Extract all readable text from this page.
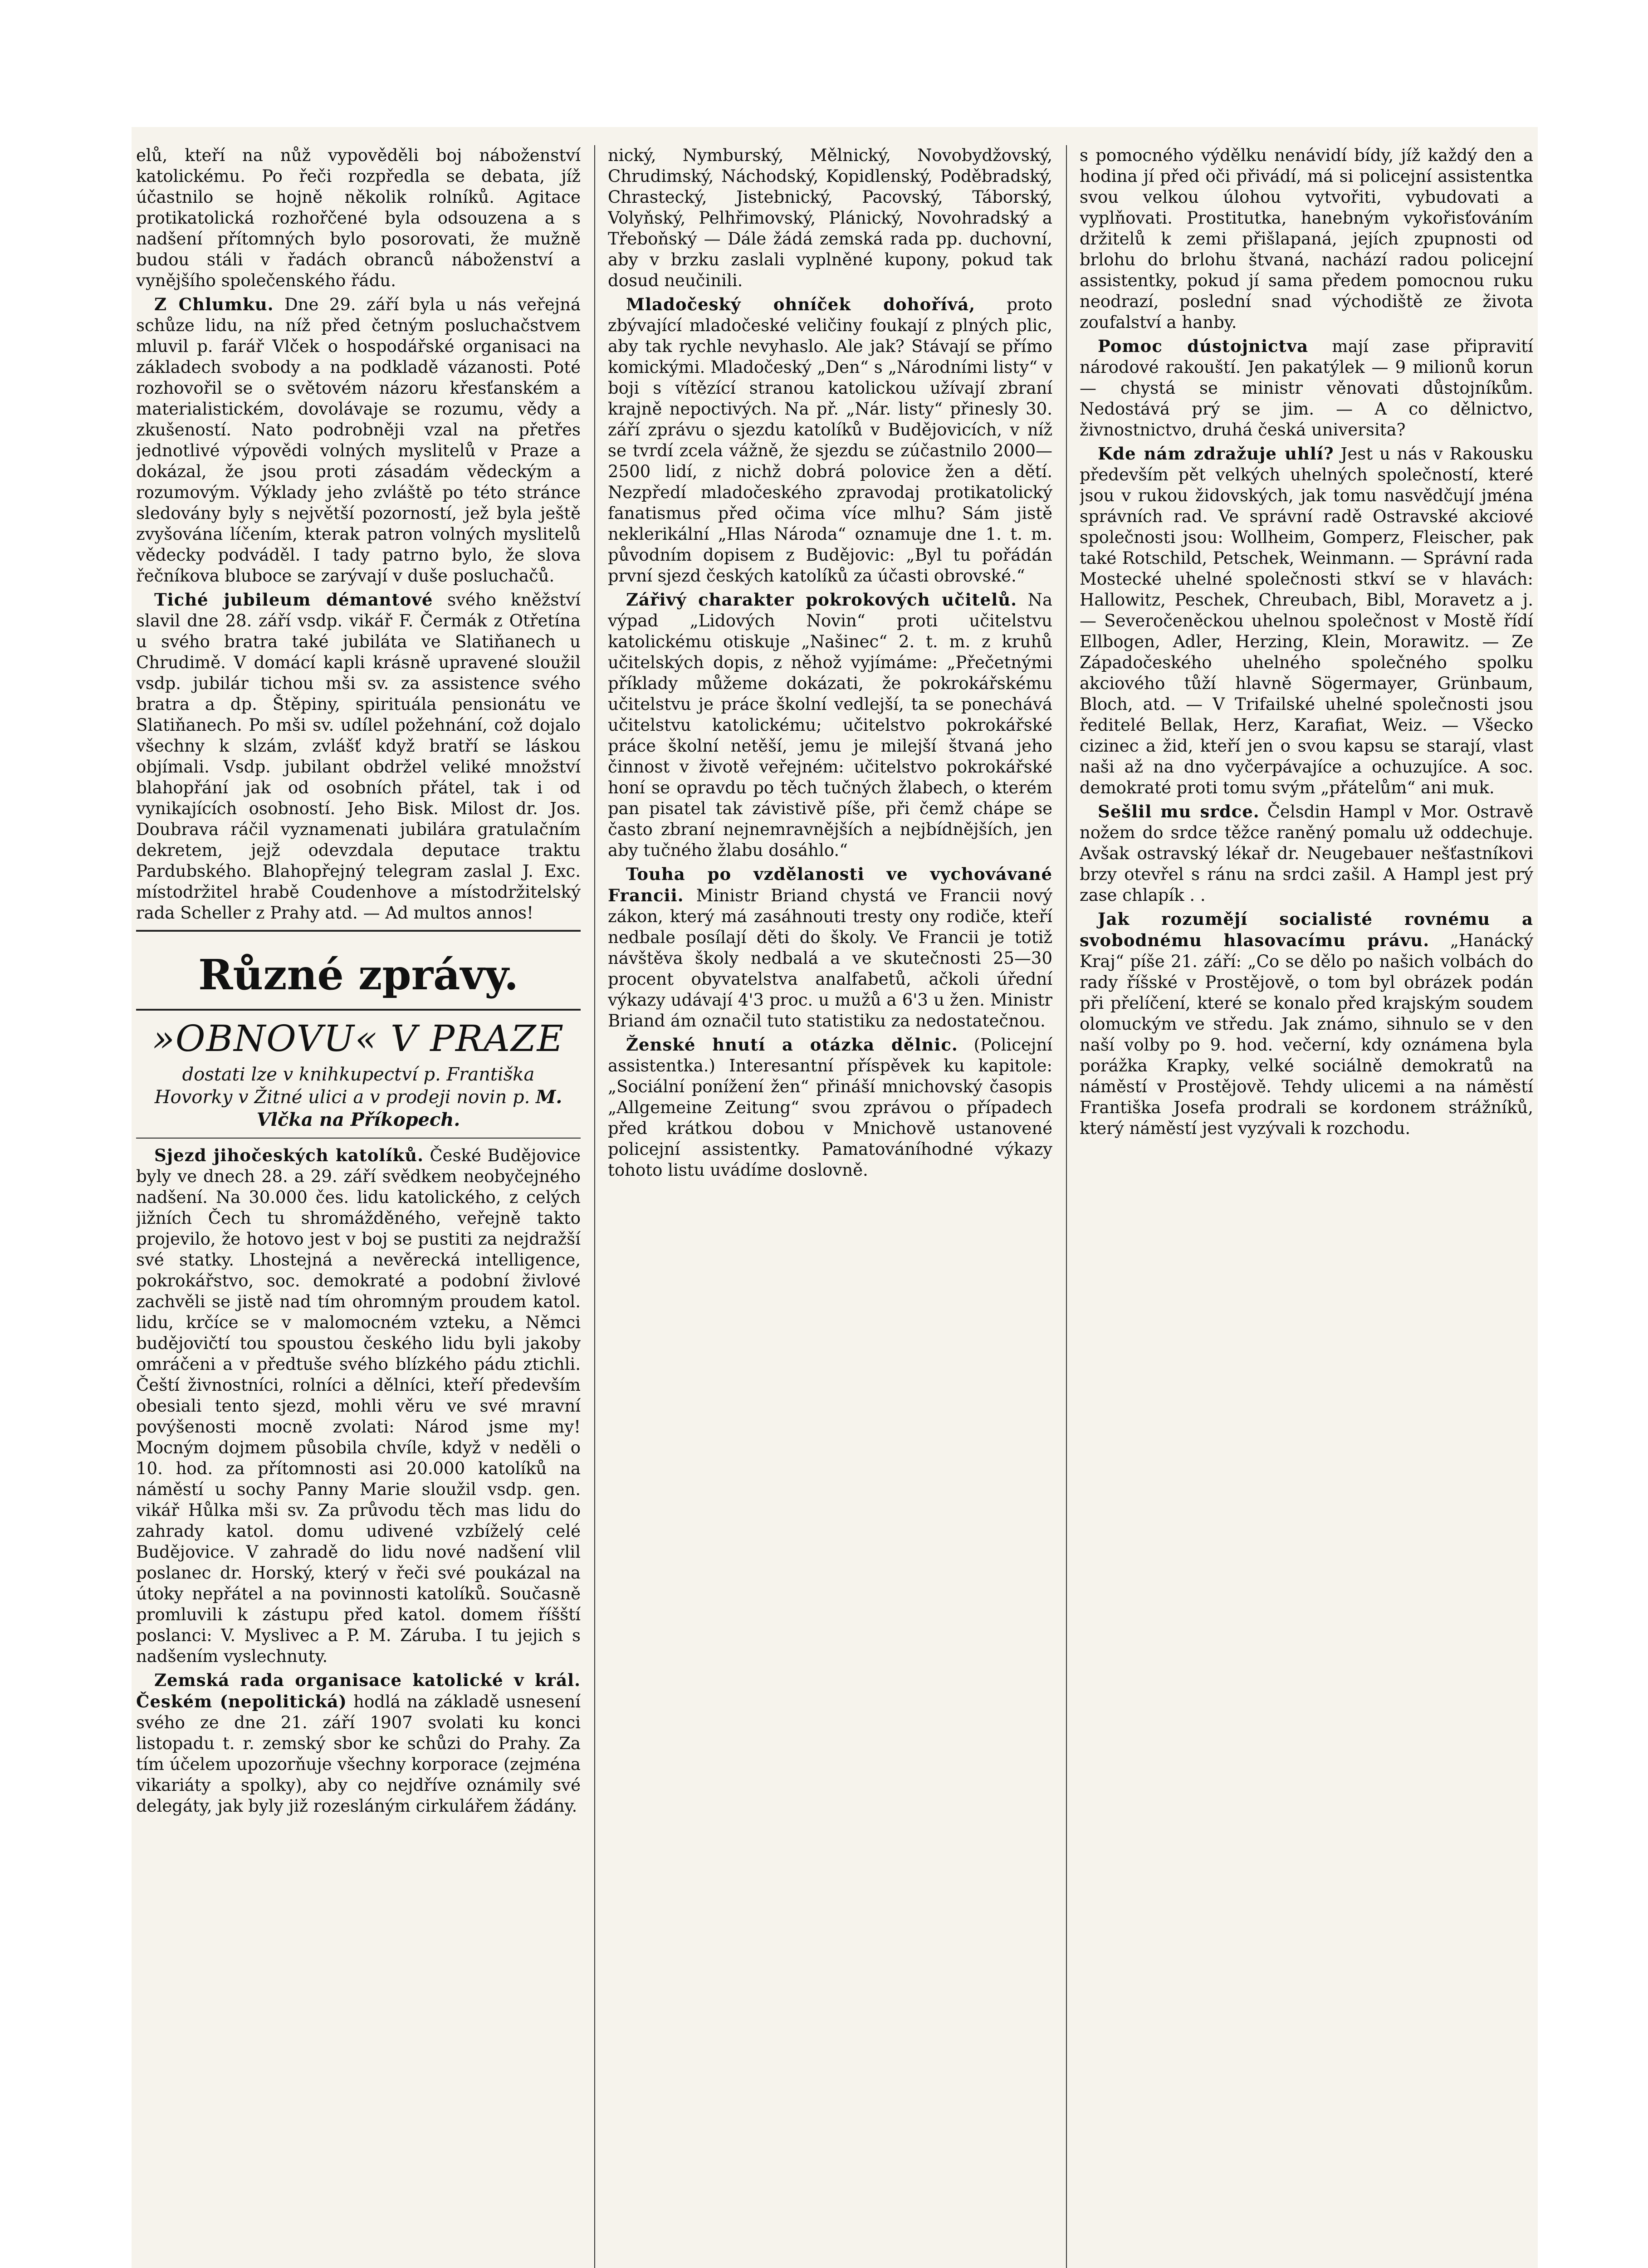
elů, kteří na nůž vypověděli boj náboženství katolickému. Po řeči rozpředla se debata, jíž účastnilo se hojně několik rolníků. Agitace protikatolická rozhořčené byla odsouzena a s nadšení přítomných bylo posorovati, že mužně budou stáli v řadách obranců náboženství a vynějšího společenského řádu.

Z Chlumku. Dne 29. září byla u nás veřejná schůze lidu, na níž před četným posluchačstvem mluvil p. farář Vlček o hospodářské organisaci na základech svobody a na podkladě vázanosti. Poté rozhovořil se o světovém názoru křesťanském a materialistickém, dovolávaje se rozumu, vědy a zkušeností. Nato podrobněji vzal na přetřes jednotlivé výpovědi volných myslitelů v Praze a dokázal, že jsou proti zásadám vědeckým a rozumovým. Výklady jeho zvláště po této stránce sledovány byly s největší pozorností, jež byla ještě zvyšována líčením, kterak patron volných myslitelů vědecky podváděl. I tady patrno bylo, že slova řečníkova bluboce se zarývají v duše posluchačů.

Tiché jubileum démantové svého kněžství slavil dne 28. září vsdp. vikář F. Čermák z Otřetína u svého bratra také jubiláta ve Slatiňanech u Chrudimě. V domácí kapli krásně upravené sloužil vsdp. jubilár tichou mši sv. za assistence svého bratra a dp. Štěpiny, spirituála pensionátu ve Slatiňanech. Po mši sv. udílel požehnání, což dojalo všechny k slzám, zvlášť když bratří se láskou objímali. Vsdp. jubilant obdržel veliké množství blahopřání jak od osobních přátel, tak i od vynikajících osobností. Jeho Bisk. Milost dr. Jos. Doubrava ráčil vyznamenati jubilára gratulačním dekretem, jejž odevzdala deputace traktu Pardubského. Blahopřejný telegram zaslal J. Exc. místodržitel hrabě Coudenhove a místodržitelský rada Scheller z Prahy atd. — Ad multos annos!

Různé zprávy.
»OBNOVU« V PRAZE
dostati lze v knihkupectví p. Františka Hovorky v Žitné ulici a v prodeji novin p. M. Vlčka na Příkopech.

Sjezd jihočeských katolíků. České Budějovice byly ve dnech 28. a 29. září svědkem neobyčejného nadšení. Na 30.000 čes. lidu katolického, z celých jižních Čech tu shromážděného, veřejně takto projevilo, že hotovo jest v boj se pustiti za nejdražší své statky. Lhostejná a nevěrecká intelligence, pokrokářstvo, soc. demokraté a podobní živlové zachvěli se jistě nad tím ohromným proudem katol. lidu, krčíce se v malomocném vzteku, a Němci budějovičtí tou spoustou českého lidu byli jakoby omráčeni a v předtuše svého blízkého pádu ztichli. Čeští živnostníci, rolníci a dělníci, kteří především obesiali tento sjezd, mohli věru ve své mravní povýšenosti mocně zvolati: Národ jsme my! Mocným dojmem působila chvíle, když v neděli o 10. hod. za přítomnosti asi 20.000 katolíků na náměstí u sochy Panny Marie sloužil vsdp. gen. vikář Hůlka mši sv. Za průvodu těch mas lidu do zahrady katol. domu udivené vzbíželý celé Budějovice. V zahradě do lidu nové nadšení vlil poslanec dr. Horský, který v řeči své poukázal na útoky nepřátel a na povinnosti katolíků. Současně promluvili k zástupu před katol. domem říšští poslanci: V. Myslivec a P. M. Záruba. I tu jejich s nadšením vyslechnuty.

Zemská rada organisace katolické v král. Českém (nepolitická) hodlá na základě usnesení svého ze dne 21. září 1907 svolati ku konci listopadu t. r. zemský sbor ke schůzi do Prahy. Za tím účelem upozorňuje všechny korporace (zejména vikariáty a spolky), aby co nejdříve oznámily své delegáty, jak byly již rozesláným cirkulářem žádány.

nický, Nymburský, Mělnický, Novobydžovský, Chrudimský, Náchodský, Kopidlenský, Poděbradský, Chrastecký, Jistebnický, Pacovský, Táborský, Volyňský, Pelhřimovský, Plánický, Novohradský a Třeboňský — Dále žádá zemská rada pp. duchovní, aby v brzku zaslali vyplněné kupony, pokud tak dosud neučinili.

Mladočeský ohníček dohořívá, proto zbývající mladočeské veličiny foukají z plných plic, aby tak rychle nevyhaslo. Ale jak? Stávají se přímo komickými. Mladočeský „Den“ s „Národními listy“ v boji s vítězící stranou katolickou užívají zbraní krajně nepoctivých. Na př. „Nár. listy“ přinesly 30. září zprávu o sjezdu katolíků v Budějovicích, v níž se tvrdí zcela vážně, že sjezdu se zúčastnilo 2000—2500 lidí, z nichž dobrá polovice žen a dětí. Nezpředí mladočeského zpravodaj protikatolický fanatismus před očima více mlhu? Sám jistě neklerikální „Hlas Národa“ oznamuje dne 1. t. m. původním dopisem z Budějovic: „Byl tu pořádán první sjezd českých katolíků za účasti obrovské.“

Zářivý charakter pokrokových učitelů. Na výpad „Lidových Novin“ proti učitelstvu katolickému otiskuje „Našinec“ 2. t. m. z kruhů učitelských dopis, z něhož vyjímáme: „Přečetnými příklady můžeme dokázati, že pokrokářskému učitelstvu je práce školní vedlejší, ta se ponechává učitelstvu katolickému; učitelstvo pokrokářské práce školní netěší, jemu je milejší štvaná jeho činnost v životě veřejném: učitelstvo pokrokářské honí se opravdu po těch tučných žlabech, o kterém pan pisatel tak závistivě píše, při čemž chápe se často zbraní nejnemravnějších a nejbídnějších, jen aby tučného žlabu dosáhlo.“

Touha po vzdělanosti ve vychovávané Francii. Ministr Briand chystá ve Francii nový zákon, který má zasáhnouti tresty ony rodiče, kteří nedbale posílají děti do školy. Ve Francii je totiž návštěva školy nedbalá a ve skutečnosti 25—30 procent obyvatelstva analfabetů, ačkoli úřední výkazy udávají 4'3 proc. u mužů a 6'3 u žen. Ministr Briand ám označil tuto statistiku za nedostatečnou.

Ženské hnutí a otázka dělnic. (Policejní assistentka.) Interesantní příspěvek ku kapitole: „Sociální ponížení žen“ přináší mnichovský časopis „Allgemeine Zeitung“ svou zprávou o případech před krátkou dobou v Mnichově ustanovené policejní assistentky. Pamatováníhodné výkazy tohoto listu uvádíme doslovně.

s pomocného výdělku nenávidí bídy, jíž každý den a hodina jí před oči přivádí, má si policejní assistentka svou velkou úlohou vytvořiti, vybudovati a vyplňovati. Prostitutka, hanebným vykořisťováním držitelů k zemi přišlapaná, jejích zpupnosti od brlohu do brlohu štvaná, nachází radou policejní assistentky, pokud jí sama předem pomocnou ruku neodrazí, poslední snad východiště ze života zoufalství a hanby.

Pomoc dústojnictva mají zase připravití národové rakouští. Jen pakatýlek — 9 milionů korun — chystá se ministr věnovati důstojníkům. Nedostává prý se jim. — A co dělnictvo, živnostnictvo, druhá česká universita?

Kde nám zdražuje uhlí? Jest u nás v Rakousku především pět velkých uhelných společností, které jsou v rukou židovských, jak tomu nasvědčují jména správních rad. Ve správní radě Ostravské akciové společnosti jsou: Wollheim, Gomperz, Fleischer, pak také Rotschild, Petschek, Weinmann. — Správní rada Mostecké uhelné společnosti stkví se v hlavách: Hallowitz, Peschek, Chreubach, Bibl, Moravetz a j. — Severočeněckou uhelnou společnost v Mostě řídí Ellbogen, Adler, Herzing, Klein, Morawitz. — Ze Západočeského uhelného společného spolku akciového tůží hlavně Sögermayer, Grünbaum, Bloch, atd. — V Trifailské uhelné společnosti jsou ředitelé Bellak, Herz, Karafiat, Weiz. — Všecko cizinec a žid, kteří jen o svou kapsu se starají, vlast naši až na dno vyčerpávajíce a ochuzujíce. A soc. demokraté proti tomu svým „přátelům“ ani muk.

Sešlil mu srdce. Čelsdin Hampl v Mor. Ostravě nožem do srdce těžce raněný pomalu už oddechuje. Avšak ostravský lékař dr. Neugebauer nešťastníkovi brzy otevřel s ránu na srdci zašil. A Hampl jest prý zase chlapík . .

Jak rozumějí socialisté rovnému a svobodnému hlasovacímu právu. „Hanácký Kraj“ píše 21. září: „Co se dělo po našich volbách do rady říšské v Prostějově, o tom byl obrázek podán při přelíčení, které se konalo před krajským soudem olomuckým ve středu. Jak známo, sihnulo se v den naší volby po 9. hod. večerní, kdy oznámena byla porážka Krapky, velké sociálně demokratů na náměstí v Prostějově. Tehdy ulicemi a na náměstí Františka Josefa prodrali se kordonem strážníků, který náměstí jest vyzývali k rozchodu.
